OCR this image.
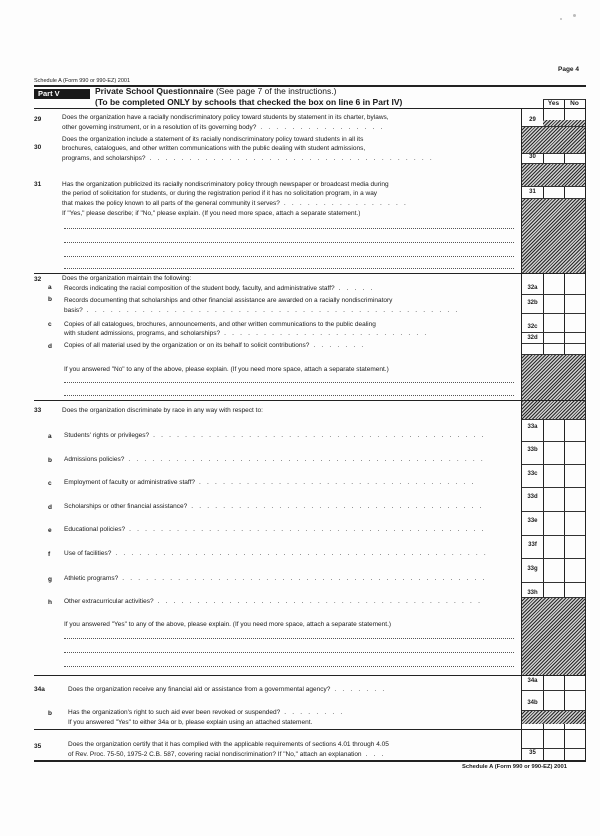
Schedule A (Form 990 or 990-EZ) 2001
Page 4
Part V	Private School Questionnaire (See page 7 of the instructions.)
(To be completed ONLY by schools that checked the box on line 6 in Part IV)	Yes	No
29	Does the organization have a racially nondiscriminatory policy toward students by statement in its charter, bylaws,
other governing instrument, or in a resolution of its governing body? . . . . . . . . . . . . . . . .
29
30
Does the organization include a statement of its racially nondiscriminatory policy toward students in all its
brochures, catalogues, and other written communications with the public dealing with student admissions,
programs, and scholarships? . . . . . . . . . . . . . . . . . . . . . . . . . . . . . . . . . . . .	30
31	Has the organization publicized its racially nondiscriminatory policy through newspaper or broadcast media during
the period of solicitation for students, or during the registration period if it has no solicitation program, in a way
that makes the policy known to all parts of the general community it serves? . . . . . . . . . . . . . . . .
If "Yes," please describe; if "No," please explain. (If you need more space, attach a separate statement.)
31
32	Does the organization maintain the following:
a Records indicating the racial composition of the student body, faculty, and administrative staff? . . . . .	32a
b Records documenting that scholarships and other financial assistance are awarded on a racially nondiscriminatory
basis? . . . . . . . . . . . . . . . . . . . . . . . . . . . . . . . . . . . . . . . . . . . . . . .
32b
c Copies of all catalogues, brochures, announcements, and other written communications to the public dealing
with student admissions, programs, and scholarships? . . . . . . . . . . . . . . . . . . . . . . . . . .
32c
d Copies of all material used by the organization or on its behalf to solicit contributions? . . . . . . .
32d
If you answered "No" to any of the above, please explain. (If you need more space, attach a separate statement.)
33	Does the organization discriminate by race in any way with respect to:
a Students' rights or privileges? . . . . . . . . . . . . . . . . . . . . . . . . . . . . . . . . . . . . . . . . . .
33a
b Admissions policies? . . . . . . . . . . . . . . . . . . . . . . . . . . . . . . . . . . . . . . . . . . . . .
33b
c Employment of faculty or administrative staff? . . . . . . . . . . . . . . . . . . . . . . . . . . . . . . . . . . .
33c
d Scholarships or other financial assistance? . . . . . . . . . . . . . . . . . . . . . . . . . . . . . . . . . . . . .
33d
e Educational policies? . . . . . . . . . . . . . . . . . . . . . . . . . . . . . . . . . . . . . . . . . . . . .
33e
f Use of facilities? . . . . . . . . . . . . . . . . . . . . . . . . . . . . . . . . . . . . . . . . . . . . . . .
33f
g Athletic programs? . . . . . . . . . . . . . . . . . . . . . . . . . . . . . . . . . . . . . . . . . . . . . .
33g
h Other extracurricular activities? . . . . . . . . . . . . . . . . . . . . . . . . . . . . . . . . . . . . . . . . .
33h
If you answered "Yes" to any of the above, please explain. (If you need more space, attach a separate statement.)
34a	Does the organization receive any financial aid or assistance from a governmental agency? . . . . . . .
34a
b Has the organization's right to such aid ever been revoked or suspended? . . . . . . . .
If you answered "Yes" to either 34a or b, please explain using an attached statement.
34b
35	Does the organization certify that it has complied with the applicable requirements of sections 4.01 through 4.05
of Rev. Proc. 75-50, 1975-2 C.B. 587, covering racial nondiscrimination? If "No," attach an explanation . . .	35
Schedule A (Form 990 or 990-EZ) 2001
